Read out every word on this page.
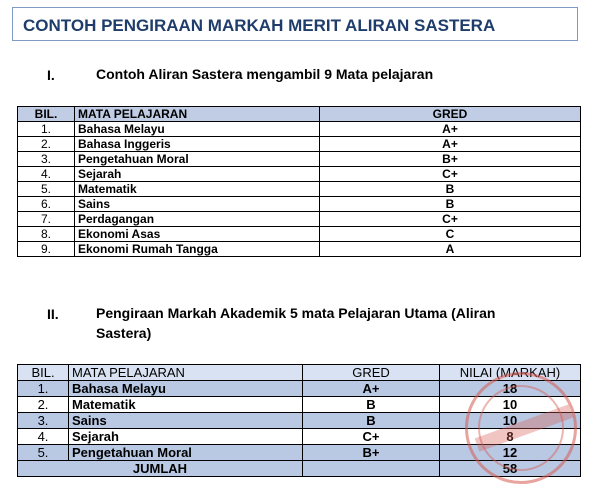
CONTOH PENGIRAAN MARKAH MERIT ALIRAN SASTERA
I.	Contoh Aliran Sastera mengambil 9 Mata pelajaran
BIL.	MATA PELAJARAN	GRED
1.	Bahasa Melayu	A+
2.	Bahasa Inggeris	A+
3.	Pengetahuan Moral	B+
4.	Sejarah	C+
5.	Matematik	B
6.	Sains	B
7.	Perdagangan	C+
8.	Ekonomi Asas	C
9.	Ekonomi Rumah Tangga	A
II.	Pengiraan Markah Akademik 5 mata Pelajaran Utama (Aliran
Sastera)
BIL.	MATA PELAJARAN	GRED	NILAI (MARKAH)
1.	Bahasa Melayu	A+	18
2.	Matematik	B	10
3.	Sains	B	10
4.	Sejarah	C+	8
5.	Pengetahuan Moral	B+	12
JUMLAH			58
